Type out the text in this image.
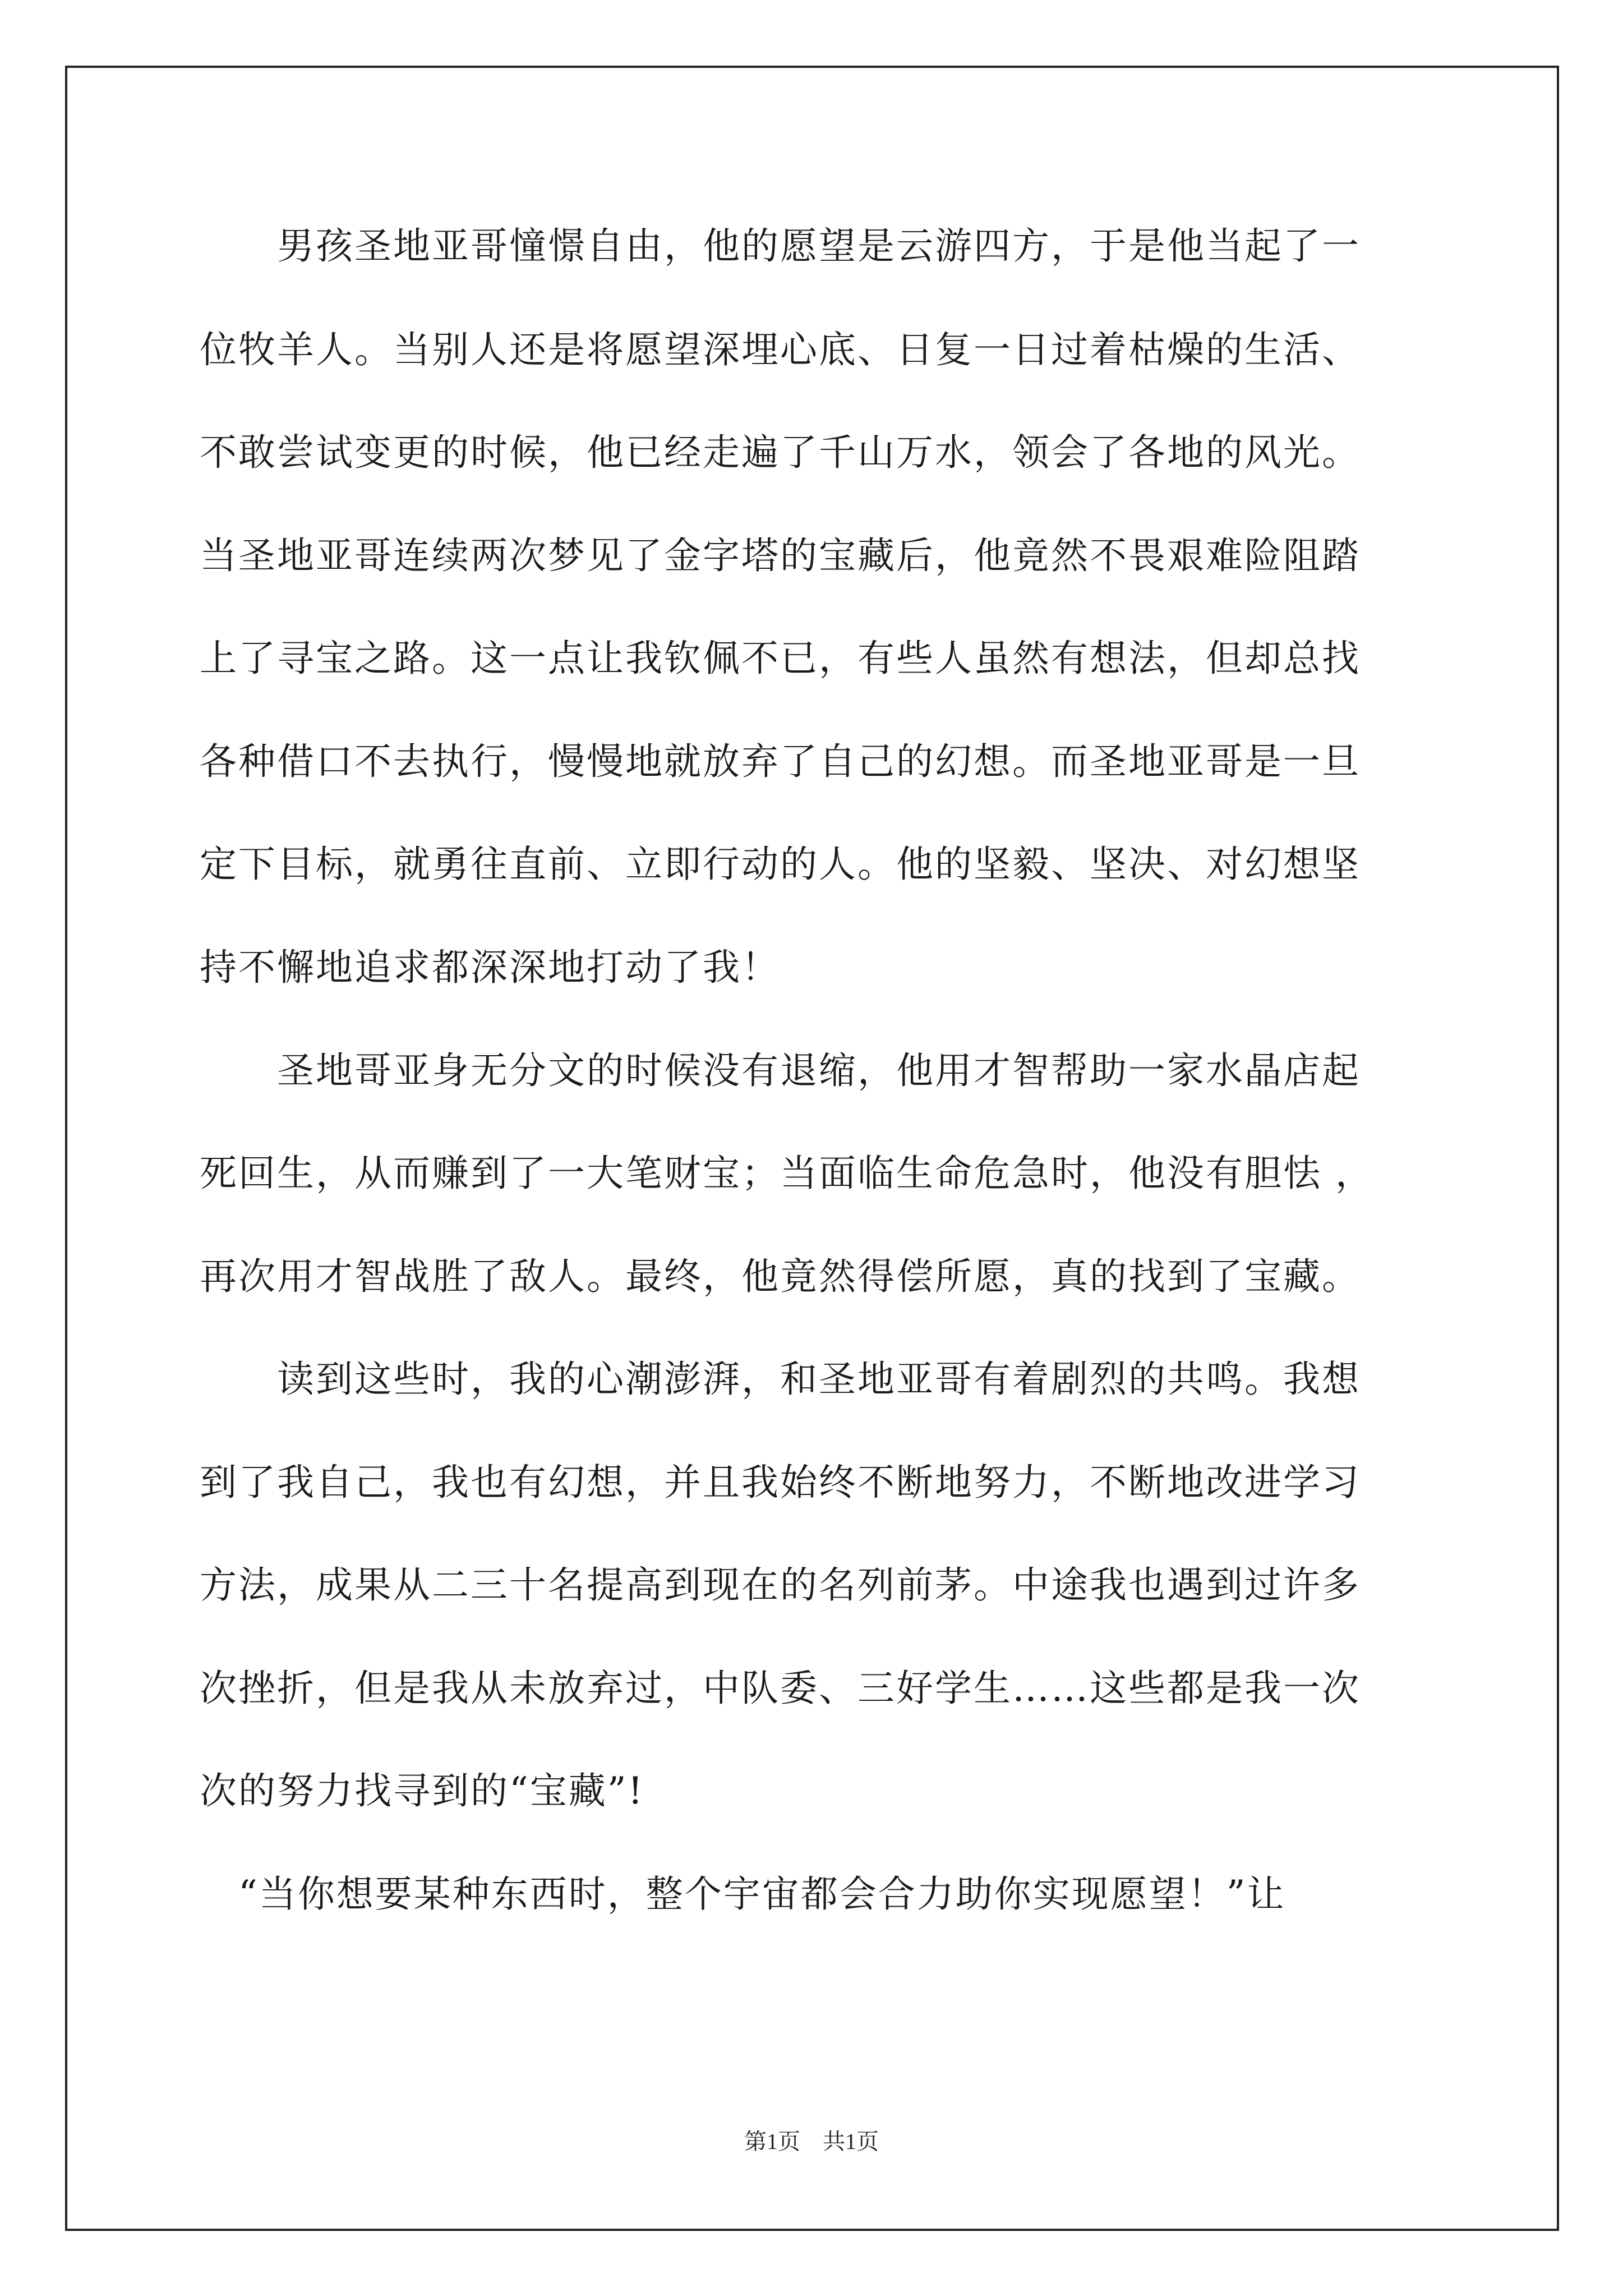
　　男孩圣地亚哥憧憬自由，他的愿望是云游四方，于是他当起了一
位牧羊人。当别人还是将愿望深埋心底、日复一日过着枯燥的生活、
不敢尝试变更的时候，他已经走遍了千山万水，领会了各地的风光。
当圣地亚哥连续两次梦见了金字塔的宝藏后，他竟然不畏艰难险阻踏
上了寻宝之路。这一点让我钦佩不已，有些人虽然有想法，但却总找
各种借口不去执行，慢慢地就放弃了自己的幻想。而圣地亚哥是一旦
定下目标，就勇往直前、立即行动的人。他的坚毅、坚决、对幻想坚
持不懈地追求都深深地打动了我！
　　圣地哥亚身无分文的时候没有退缩，他用才智帮助一家水晶店起
死回生，从而赚到了一大笔财宝；当面临生命危急时，他没有胆怯 ，
再次用才智战胜了敌人。最终，他竟然得偿所愿，真的找到了宝藏。
　　读到这些时，我的心潮澎湃，和圣地亚哥有着剧烈的共鸣。我想
到了我自己，我也有幻想，并且我始终不断地努力，不断地改进学习
方法，成果从二三十名提高到现在的名列前茅。中途我也遇到过许多
次挫折，但是我从未放弃过，中队委、三好学生……这些都是我一次
次的努力找寻到的“宝藏”!
　“当你想要某种东西时，整个宇宙都会合力助你实现愿望！”让
第1页　共1页
